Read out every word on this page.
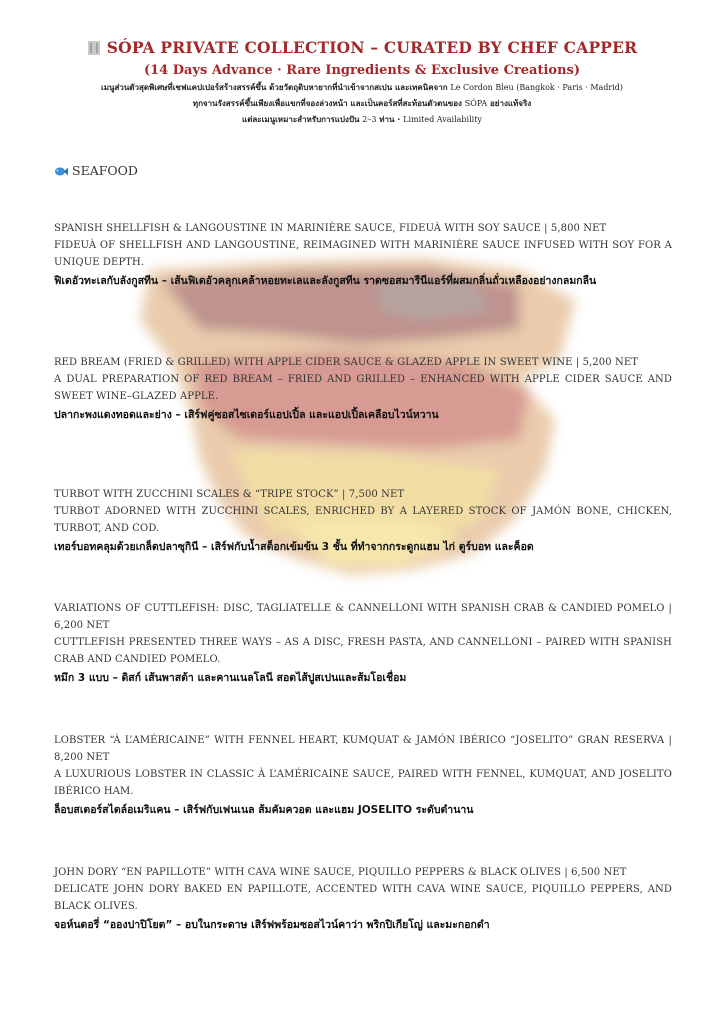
SÓPA PRIVATE COLLECTION – CURATED BY CHEF CAPPER
(14 Days Advance · Rare Ingredients & Exclusive Creations)
เมนูส่วนตัวสุดพิเศษที่เชฟแคปเปอร์สร้างสรรค์ขึ้น ด้วยวัตถุดิบหายากที่นำเข้าจากสเปน และเทคนิคจาก Le Cordon Bleu (Bangkok · Paris · Madrid)
ทุกจานรังสรรค์ขึ้นเพียงเพื่อแขกที่จองล่วงหน้า และเป็นคอร์สที่สะท้อนตัวตนของ SÓPA อย่างแท้จริง
แต่ละเมนูเหมาะสำหรับการแบ่งปัน 2–3 ท่าน · Limited Availability
SEAFOOD
SPANISH SHELLFISH & LANGOUSTINE IN MARINIÈRE SAUCE, FIDEUÀ WITH SOY SAUCE | 5,800 NET
FIDEUÀ OF SHELLFISH AND LANGOUSTINE, REIMAGINED WITH MARINIÈRE SAUCE INFUSED WITH SOY FOR A UNIQUE DEPTH.
ฟิเดอัวทะเลกับลังกูสทีน – เส้นฟิเดอัวคลุกเคล้าหอยทะเลและลังกูสทีน ราดซอสมารีนีแอร์ที่ผสมกลิ่นถั่วเหลืองอย่างกลมกลืน
RED BREAM (FRIED & GRILLED) WITH APPLE CIDER SAUCE & GLAZED APPLE IN SWEET WINE | 5,200 NET
A DUAL PREPARATION OF RED BREAM – FRIED AND GRILLED – ENHANCED WITH APPLE CIDER SAUCE AND SWEET WINE–GLAZED APPLE.
ปลากะพงแดงทอดและย่าง – เสิร์ฟคู่ซอสไซเดอร์แอปเปิ้ล และแอปเปิ้ลเคลือบไวน์หวาน
TURBOT WITH ZUCCHINI SCALES & “TRIPE STOCK” | 7,500 NET
TURBOT ADORNED WITH ZUCCHINI SCALES, ENRICHED BY A LAYERED STOCK OF JAMÓN BONE, CHICKEN, TURBOT, AND COD.
เทอร์บอทคลุมด้วยเกล็ดปลาซุกินี – เสิร์ฟกับน้ำสต็อกเข้มข้น 3 ชั้น ที่ทำจากกระดูกแฮม ไก่ ตูร์บอท และค็อด
VARIATIONS OF CUTTLEFISH: DISC, TAGLIATELLE & CANNELLONI WITH SPANISH CRAB & CANDIED POMELO | 6,200 NET
CUTTLEFISH PRESENTED THREE WAYS – AS A DISC, FRESH PASTA, AND CANNELLONI – PAIRED WITH SPANISH CRAB AND CANDIED POMELO.
หมึก 3 แบบ – ดิสก์ เส้นพาสต้า และคานเนลโลนี สอดไส้ปูสเปนและส้มโอเชื่อม
LOBSTER “À L’AMÉRICAINE” WITH FENNEL HEART, KUMQUAT & JAMÓN IBÉRICO “JOSELITO” GRAN RESERVA | 8,200 NET
A LUXURIOUS LOBSTER IN CLASSIC À L’AMÉRICAINE SAUCE, PAIRED WITH FENNEL, KUMQUAT, AND JOSELITO IBÉRICO HAM.
ล็อบสเตอร์สไตล์อเมริแคน – เสิร์ฟกับเฟนเนล ส้มคัมควอต และแฮม JOSELITO ระดับตำนาน
JOHN DORY “EN PAPILLOTE” WITH CAVA WINE SAUCE, PIQUILLO PEPPERS & BLACK OLIVES | 6,500 NET
DELICATE JOHN DORY BAKED EN PAPILLOTE, ACCENTED WITH CAVA WINE SAUCE, PIQUILLO PEPPERS, AND BLACK OLIVES.
จอห์นดอรี่ “อองปาปิโยต” – อบในกระดาษ เสิร์ฟพร้อมซอสไวน์คาว่า พริกปิเกียโญ่ และมะกอกดำ
